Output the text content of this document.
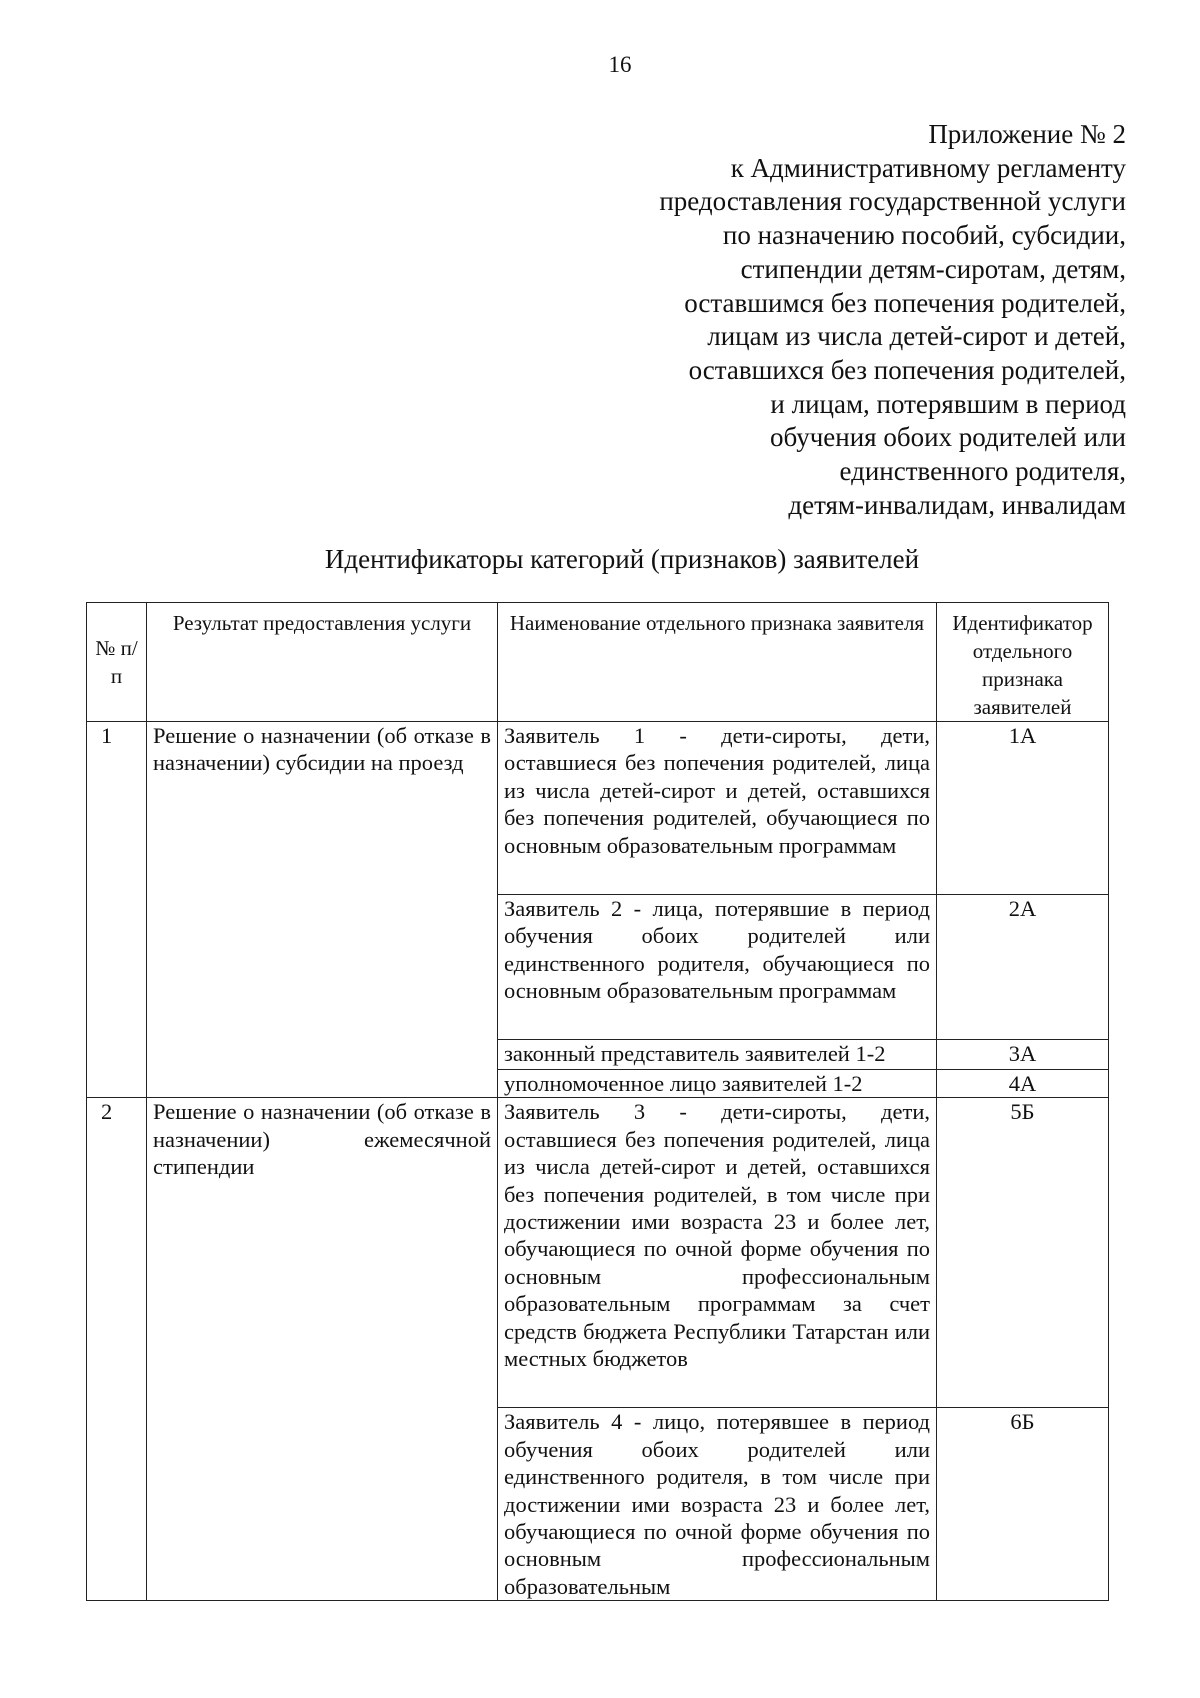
16
Приложение № 2
к Административному регламенту
предоставления государственной услуги
по назначению пособий, субсидии,
стипендии детям-сиротам, детям,
оставшимся без попечения родителей,
лицам из числа детей-сирот и детей,
оставшихся без попечения родителей,
и лицам, потерявшим в период
обучения обоих родителей или
единственного родителя,
детям-инвалидам, инвалидам
Идентификаторы категорий (признаков) заявителей
№ п/п	Результат предоставления услуги	Наименование отдельного признака заявителя	Идентификатор отдельного признака заявителей
1	Решение о назначении (об отказе в назначении) субсидии на проезд	Заявитель 1 - дети-сироты, дети, оставшиеся без попечения родителей, лица из числа детей-сирот и детей, оставшихся без попечения родителей, обучающиеся по основным образовательным программам	1А
		Заявитель 2 - лица, потерявшие в период обучения обоих родителей или единственного родителя, обучающиеся по основным образовательным программам	2А
		законный представитель заявителей 1-2	3А
		уполномоченное лицо заявителей 1-2	4А
2	Решение о назначении (об отказе в назначении) ежемесячной стипендии	Заявитель 3 - дети-сироты, дети, оставшиеся без попечения родителей, лица из числа детей-сирот и детей, оставшихся без попечения родителей, в том числе при достижении ими возраста 23 и более лет, обучающиеся по очной форме обучения по основным профессиональным образовательным программам за счет средств бюджета Республики Татарстан или местных бюджетов	5Б
		Заявитель 4 - лицо, потерявшее в период обучения обоих родителей или единственного родителя, в том числе при достижении ими возраста 23 и более лет, обучающиеся по очной форме обучения по основным профессиональным образовательным	6Б
